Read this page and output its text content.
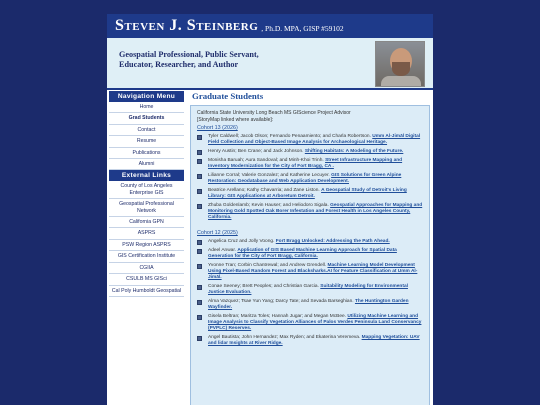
Steven J. Steinberg , Ph.D. MPA, GISP #59102
Geospatial Professional, Public Servant,
Educator, Researcher, and Author
Navigation Menu
Home
Grad Students
Contact
Resume
Publications
Alumni
External Links
County of Los Angeles Enterprise GIS
Geospatial Professional Network
California GPN
ASPRS
PSW Region ASPRS
GIS Certification Institute
CGIIA
CSULB MS GISci
Cal Poly Humboldt Geospatial
Graduate Students
California State University Long Beach MS GIScience Project Advisor
[StoryMap linked where available]:
Cohort 13 (2026)
Tyler Caldwell; Jacob Olson; Fernando Penaamiento; and Charla Robertson. Umm Al-Jimāl Digital Field Collection and Object-Based Image Analysis for Archaeological Heritage.
Henry Austin; Ben Crane; and Jack Johnson. Shifting Habitats: A Modeling of the Future.
Monisha Baruah; Aura Sandoval; and Minh-Khoi Trinh. Street Infrastructure Mapping and Inventory Modernization for the City of Fort Bragg, CA .
Lilianne Corral; Valerie Gonzalez; and Katherine Lecuyer. GIS Solutions for Green Alpine Restoration: Geodatabase and Web Application Development.
Beatrice Arellano; Kathy Chavarria; and Zane Liston. A Geospatial Study of Detroit's Living Library: GIS Applications at Arboretum Detroit.
Zhuba Goldenlamb; Kevin Hauser; and Heliodoro Sigala. Geospatial Approaches for Mapping and Monitoring Gold Spotted Oak Borer Infestation and Forest Health in Los Angeles County, California.
Cohort 12 (2025)
Angelica Cruz and Jolly Voong. Fort Bragg Unlocked: Addressing the Path Ahead.
Adeel Anwar. Application of GIS Based Machine Learning Approach for Spatial Data Generation for the City of Fort Bragg, California.
Yvonne Tran; Corbin Chantrewal; and Andrew Grendell. Machine Learning Model Development Using Pixel-Based Random Forest and Blacksharks.AI for Feature Classification at Umm Al-Jimāl.
Conae Seeney; Brett Peoples; and Christian Garcia. Suitability Modeling for Environmental Justice Evaluation.
Alma Vazquez; Tsae Yun Yang; Darcy Tate; and Sevada Barseghian. The Huntington Garden Wayfinder.
Gisela Beltran; Maritza Toles; Hannah Jugar; and Megan McBee. Utilizing Machine Learning and Image Analysis to Classify Vegetation Alliances of Palos Verdes Peninsula Land Conservancy (PVPLC) Reserves.
Angel Bautista; John Hernandez; Max Ryden; and Ekaterina Veremeva. Mapping Vegetation: UAV and lidar Insights at River Ridge.
